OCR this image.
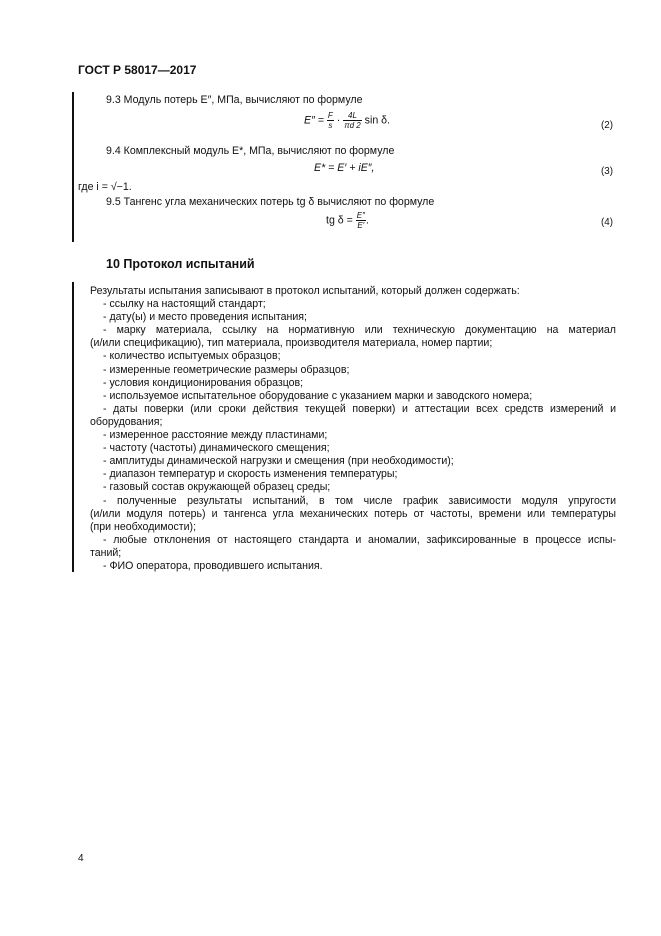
ГОСТ Р 58017—2017
9.3 Модуль потерь E″, МПа, вычисляют по формуле
$E'' = \frac{F}{s} \cdot \frac{4L}{\pi d 2}$ sin δ.	(2)
9.4 Комплексный модуль E*, МПа, вычисляют по формуле
E* = E′ + iE″,	(3)
где i = √−1.
9.5 Тангенс угла механических потерь tg δ вычисляют по формуле
tg $\delta = \frac{E''}{E'}$ .	(4)
10 Протокол испытаний
Результаты испытания записывают в протокол испытаний, который должен содержать:
- ссылку на настоящий стандарт;
- дату(ы) и место проведения испытания;
- марку материала, ссылку на нормативную или техническую документацию на материал
(и/или спецификацию), тип материала, производителя материала, номер партии;
- количество испытуемых образцов;
- измеренные геометрические размеры образцов;
- условия кондиционирования образцов;
- используемое испытательное оборудование с указанием марки и заводского номера;
- даты поверки (или сроки действия текущей поверки) и аттестации всех средств измерений и
оборудования;
- измеренное расстояние между пластинами;
- частоту (частоты) динамического смещения;
- амплитуды динамической нагрузки и смещения (при необходимости);
- диапазон температур и скорость изменения температуры;
- газовый состав окружающей образец среды;
- полученные результаты испытаний, в том числе график зависимости модуля упругости
(и/или модуля потерь) и тангенса угла механических потерь от частоты, времени или температуры
(при необходимости);
- любые отклонения от настоящего стандарта и аномалии, зафиксированные в процессе испы-
таний;
- ФИО оператора, проводившего испытания.
4
